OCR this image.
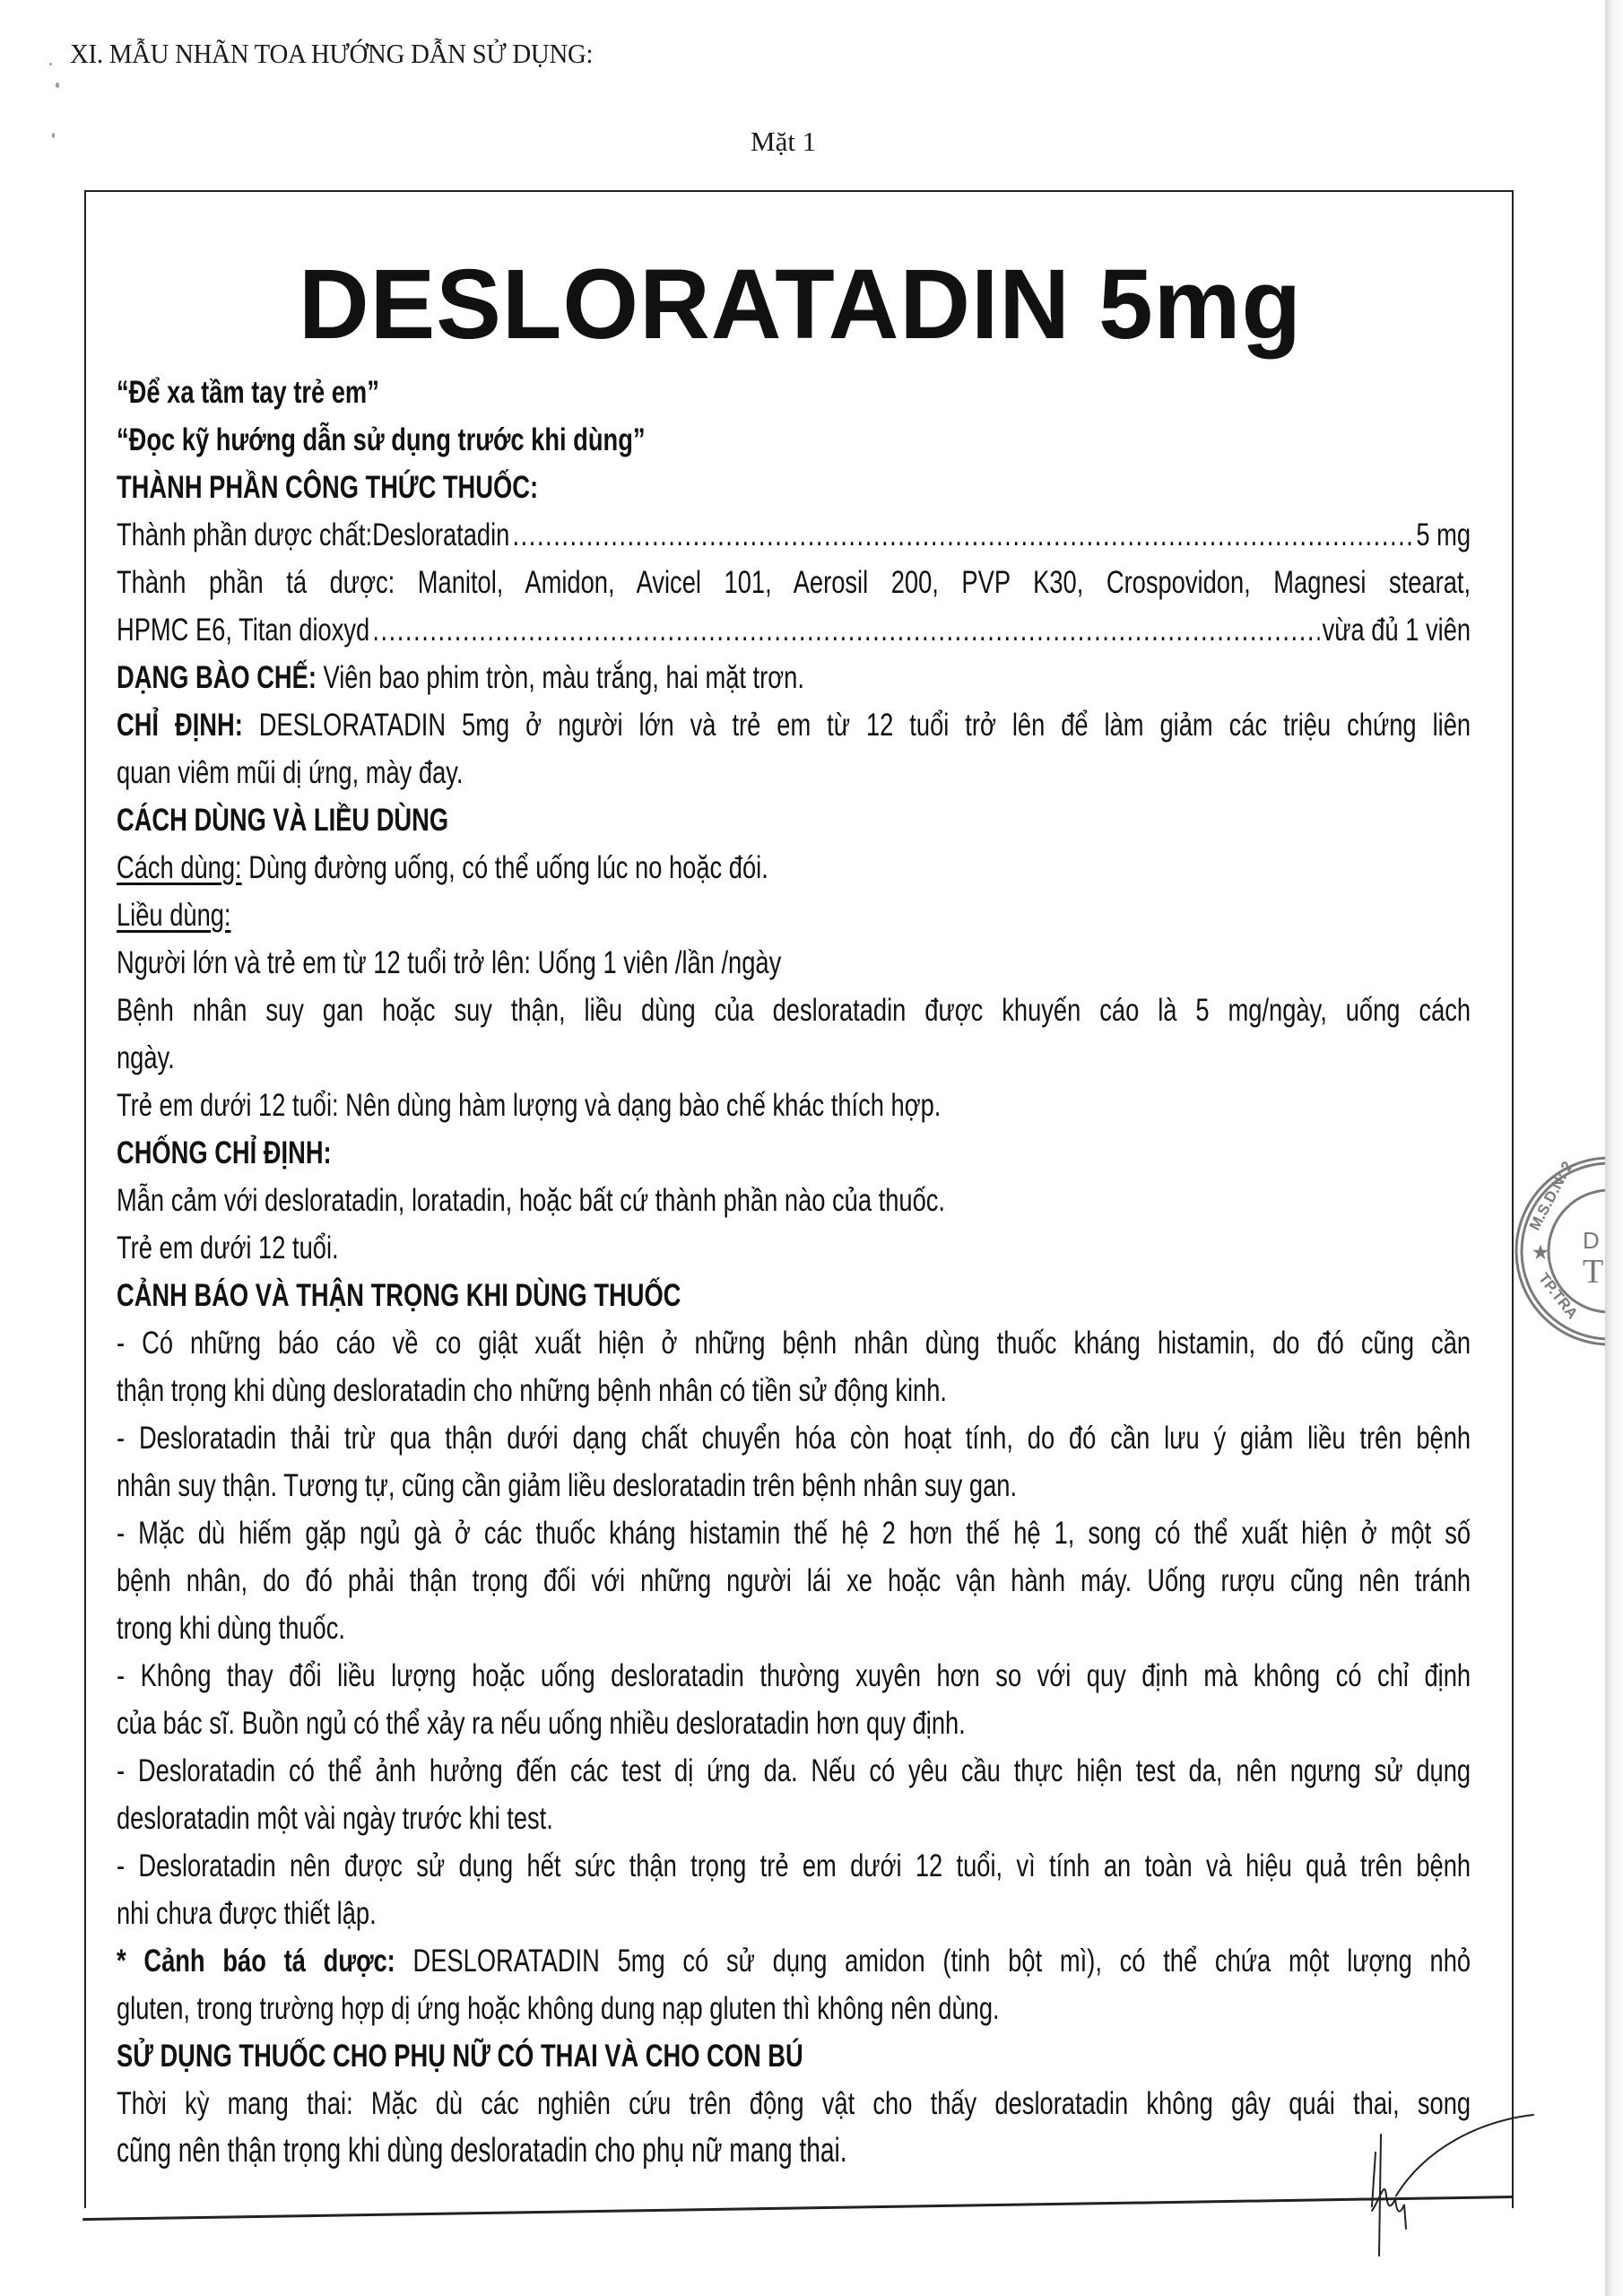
XI. MẪU NHÃN TOA HƯỚNG DẪN SỬ DỤNG:
Mặt 1
DESLORATADIN 5mg
“Để xa tầm tay trẻ em”
“Đọc kỹ hướng dẫn sử dụng trước khi dùng”
THÀNH PHẦN CÔNG THỨC THUỐC:
Thành phần dược chất:Desloratadin .....	5 mg
Thành phần tá dược: Manitol, Amidon, Avicel 101, Aerosil 200, PVP K30, Crospovidon, Magnesi stearat,
HPMC E6, Titan dioxyd .....	vừa đủ 1 viên
DẠNG BÀO CHẾ: Viên bao phim tròn, màu trắng, hai mặt trơn.
CHỈ ĐỊNH: DESLORATADIN 5mg ở người lớn và trẻ em từ 12 tuổi trở lên để làm giảm các triệu chứng liên
quan viêm mũi dị ứng, mày đay.
CÁCH DÙNG VÀ LIỀU DÙNG
Cách dùng: Dùng đường uống, có thể uống lúc no hoặc đói.
Liều dùng:
Người lớn và trẻ em từ 12 tuổi trở lên: Uống 1 viên /lần /ngày
Bệnh nhân suy gan hoặc suy thận, liều dùng của desloratadin được khuyến cáo là 5 mg/ngày, uống cách
ngày.
Trẻ em dưới 12 tuổi: Nên dùng hàm lượng và dạng bào chế khác thích hợp.
CHỐNG CHỈ ĐỊNH:
Mẫn cảm với desloratadin, loratadin, hoặc bất cứ thành phần nào của thuốc.
Trẻ em dưới 12 tuổi.
CẢNH BÁO VÀ THẬN TRỌNG KHI DÙNG THUỐC
- Có những báo cáo về co giật xuất hiện ở những bệnh nhân dùng thuốc kháng histamin, do đó cũng cần
thận trọng khi dùng desloratadin cho những bệnh nhân có tiền sử động kinh.
- Desloratadin thải trừ qua thận dưới dạng chất chuyển hóa còn hoạt tính, do đó cần lưu ý giảm liều trên bệnh
nhân suy thận. Tương tự, cũng cần giảm liều desloratadin trên bệnh nhân suy gan.
- Mặc dù hiếm gặp ngủ gà ở các thuốc kháng histamin thế hệ 2 hơn thế hệ 1, song có thể xuất hiện ở một số
bệnh nhân, do đó phải thận trọng đối với những người lái xe hoặc vận hành máy. Uống rượu cũng nên tránh
trong khi dùng thuốc.
- Không thay đổi liều lượng hoặc uống desloratadin thường xuyên hơn so với quy định mà không có chỉ định
của bác sĩ. Buồn ngủ có thể xảy ra nếu uống nhiều desloratadin hơn quy định.
- Desloratadin có thể ảnh hưởng đến các test dị ứng da. Nếu có yêu cầu thực hiện test da, nên ngưng sử dụng
desloratadin một vài ngày trước khi test.
- Desloratadin nên được sử dụng hết sức thận trọng trẻ em dưới 12 tuổi, vì tính an toàn và hiệu quả trên bệnh
nhi chưa được thiết lập.
* Cảnh báo tá dược: DESLORATADIN 5mg có sử dụng amidon (tinh bột mì), có thể chứa một lượng nhỏ
gluten, trong trường hợp dị ứng hoặc không dung nạp gluten thì không nên dùng.
SỬ DỤNG THUỐC CHO PHỤ NỮ CÓ THAI VÀ CHO CON BÚ
Thời kỳ mang thai: Mặc dù các nghiên cứu trên động vật cho thấy desloratadin không gây quái thai, song
cũng nên thận trọng khi dùng desloratadin cho phụ nữ mang thai.
M.S.D.N: 2
★
TP.TRA
D
T
